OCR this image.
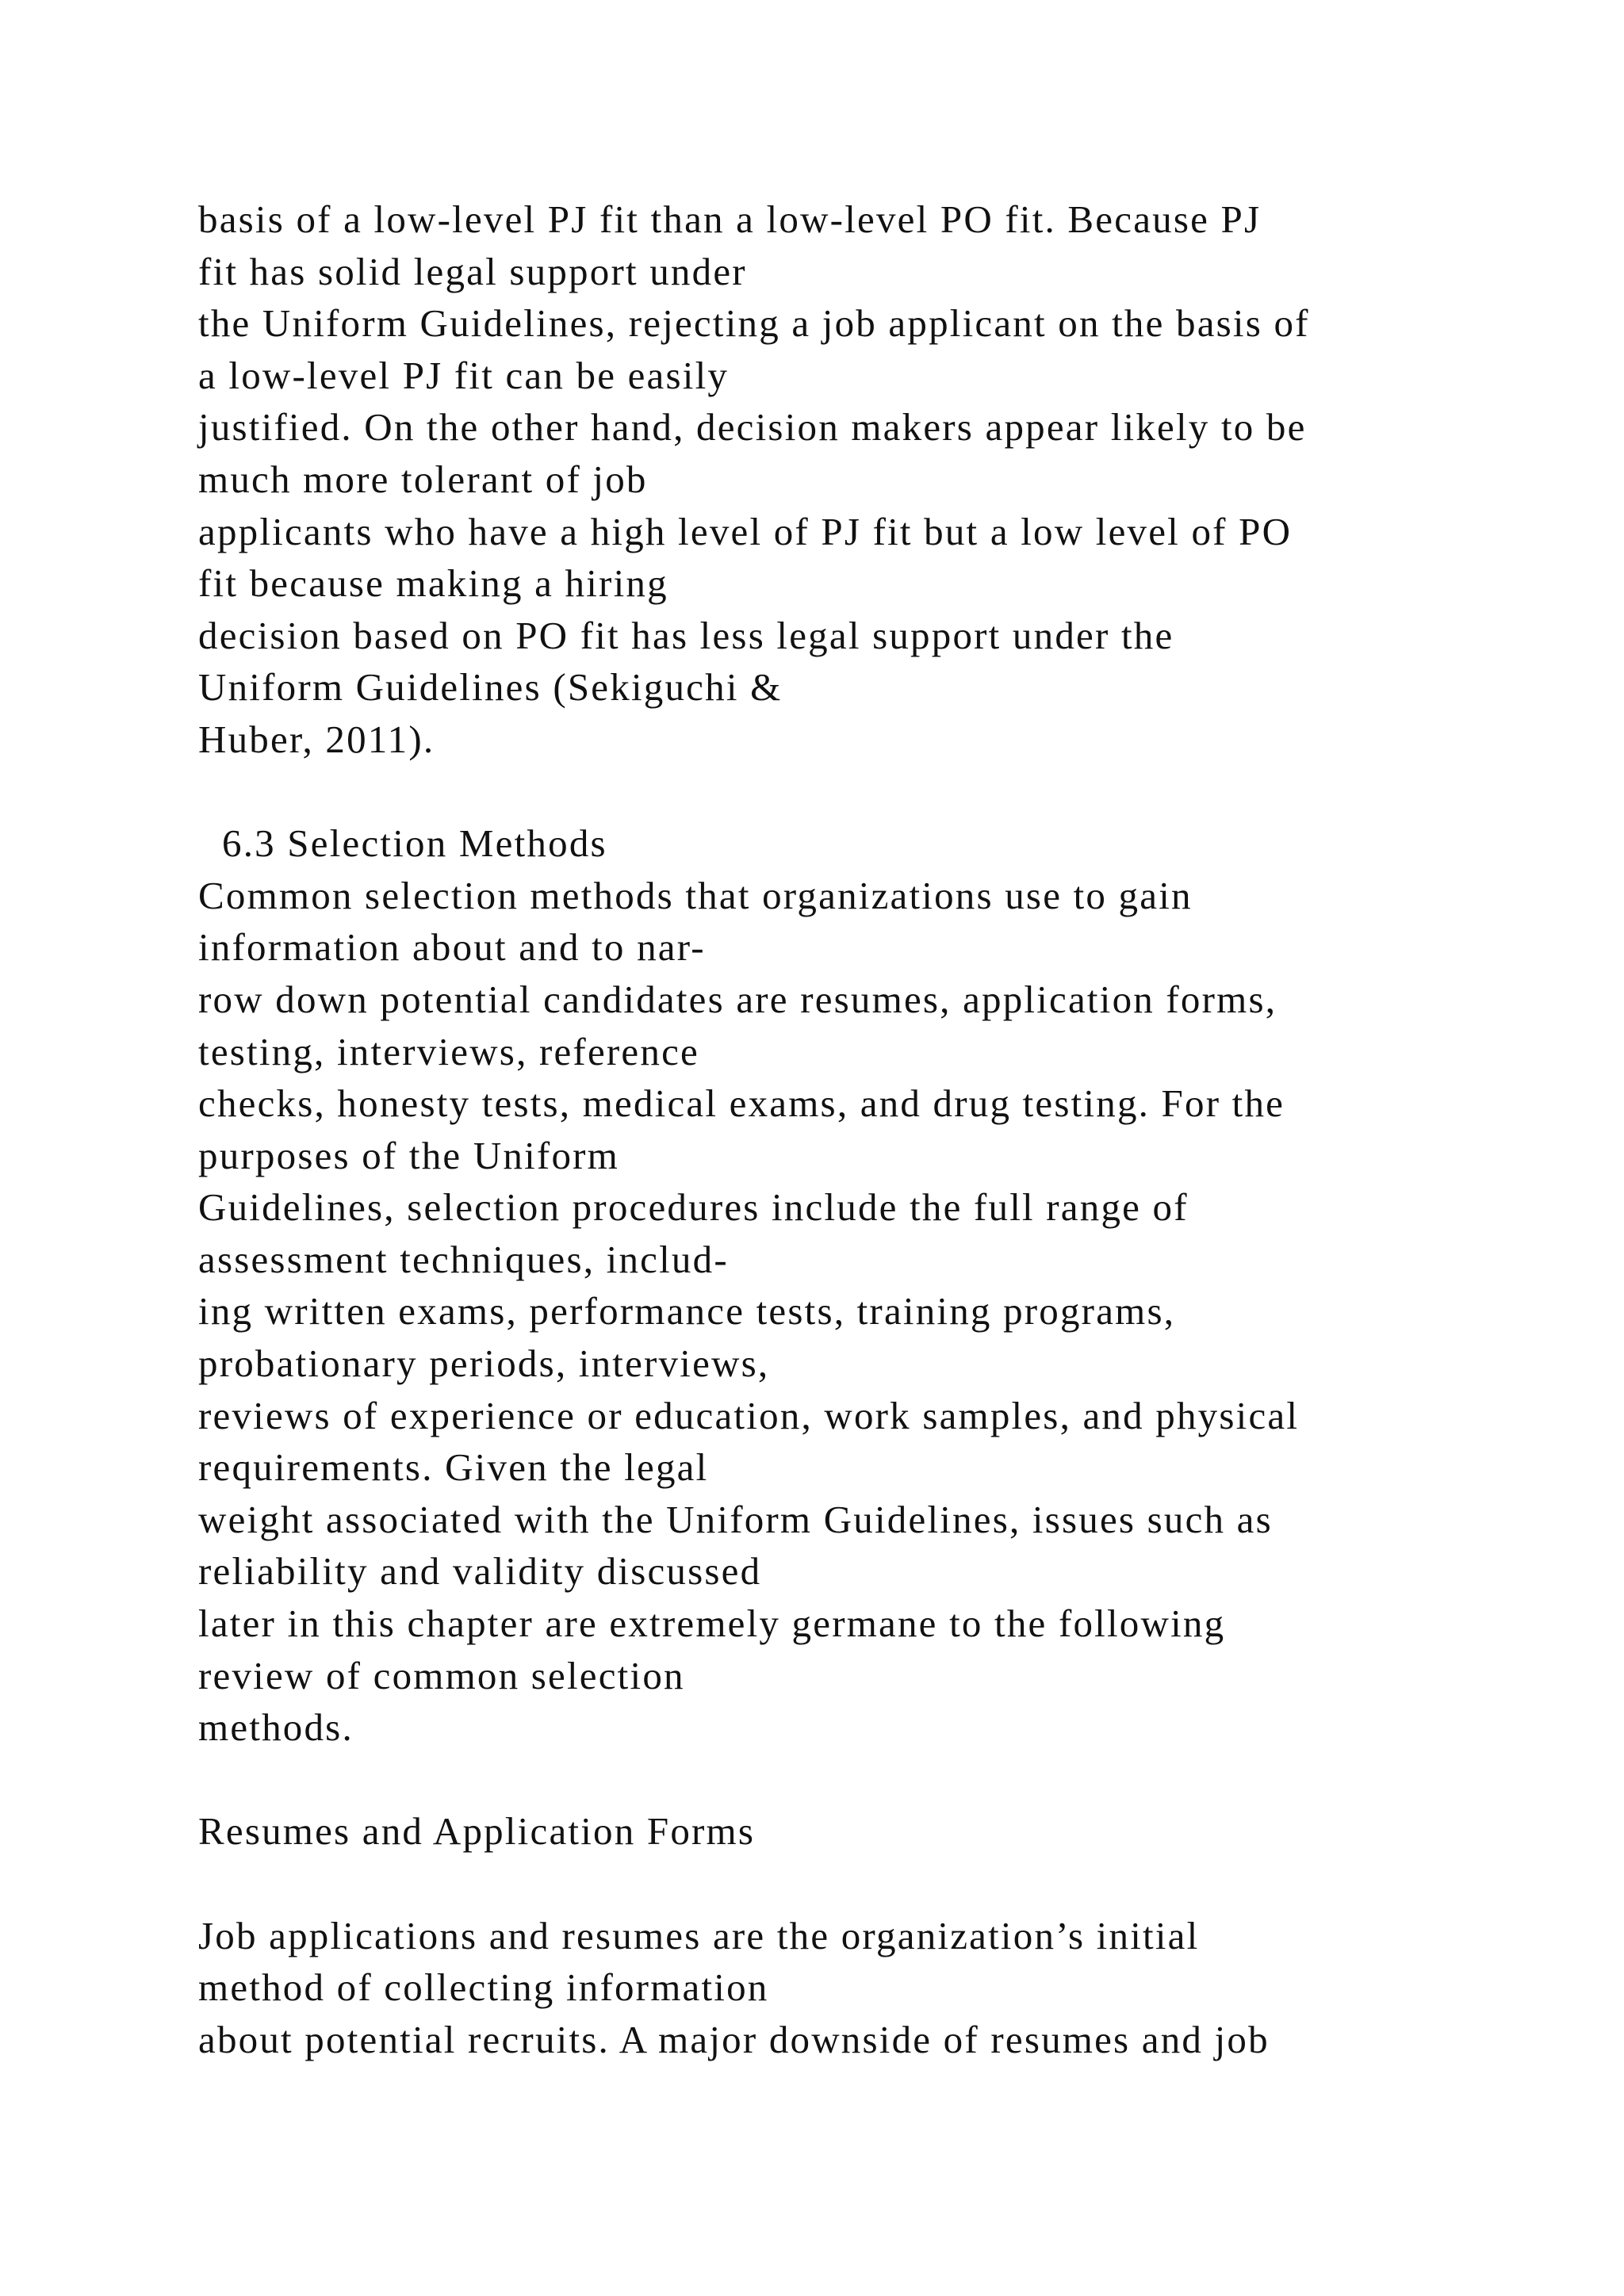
basis of a low-level PJ fit than a low-level PO fit. Because PJ
fit has solid legal support under
the Uniform Guidelines, rejecting a job applicant on the basis of
a low-level PJ fit can be easily
justified. On the other hand, decision makers appear likely to be
much more tolerant of job
applicants who have a high level of PJ fit but a low level of PO
fit because making a hiring
decision based on PO fit has less legal support under the
Uniform Guidelines (Sekiguchi &
Huber, 2011).
6.3 Selection Methods
Common selection methods that organizations use to gain
information about and to nar-
row down potential candidates are resumes, application forms,
testing, interviews, reference
checks, honesty tests, medical exams, and drug testing. For the
purposes of the Uniform
Guidelines, selection procedures include the full range of
assessment techniques, includ-
ing written exams, performance tests, training programs,
probationary periods, interviews,
reviews of experience or education, work samples, and physical
requirements. Given the legal
weight associated with the Uniform Guidelines, issues such as
reliability and validity discussed
later in this chapter are extremely germane to the following
review of common selection
methods.
Resumes and Application Forms
Job applications and resumes are the organization’s initial
method of collecting information
about potential recruits. A major downside of resumes and job
